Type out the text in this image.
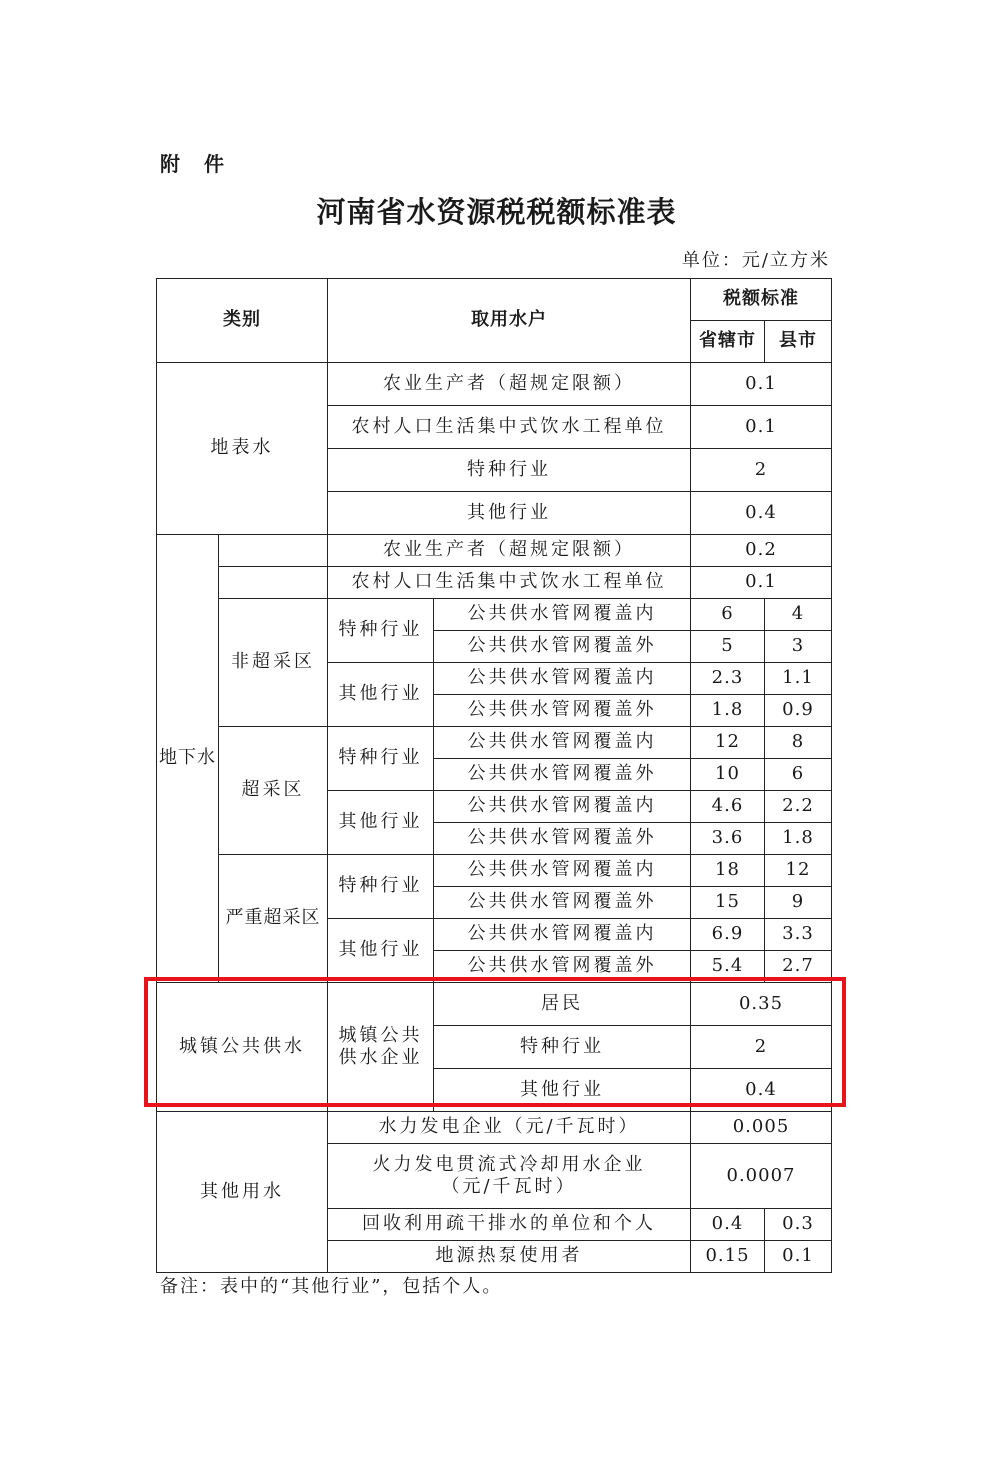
附　件

河南省水资源税税额标准表

单位：元/立方米

类别		取用水户		税额标准	
				省辖市	县市
地表水		农业生产者（超规定限额）		0.1	
		农村人口生活集中式饮水工程单位		0.1	
		特种行业		2	
		其他行业		0.4	
地下水		农业生产者（超规定限额）		0.2	
		农村人口生活集中式饮水工程单位		0.1	
	非超采区	特种行业	公共供水管网覆盖内	6	4
			公共供水管网覆盖外	5	3
		其他行业	公共供水管网覆盖内	2.3	1.1
			公共供水管网覆盖外	1.8	0.9
	超采区	特种行业	公共供水管网覆盖内	12	8
			公共供水管网覆盖外	10	6
		其他行业	公共供水管网覆盖内	4.6	2.2
			公共供水管网覆盖外	3.6	1.8
	严重超采区	特种行业	公共供水管网覆盖内	18	12
			公共供水管网覆盖外	15	9
		其他行业	公共供水管网覆盖内	6.9	3.3
			公共供水管网覆盖外	5.4	2.7
城镇公共供水		城镇公共供水企业	居民	0.35	
			特种行业	2	
			其他行业	0.4	
其他用水		水力发电企业（元/千瓦时）		0.005	

		火力发电贯流式冷却用水企业
（元/千瓦时）		0.0007	
		回收利用疏干排水的单位和个人		0.4	0.3
		地源热泵使用者		0.15	0.1

备注：表中的“其他行业”，包括个人。
